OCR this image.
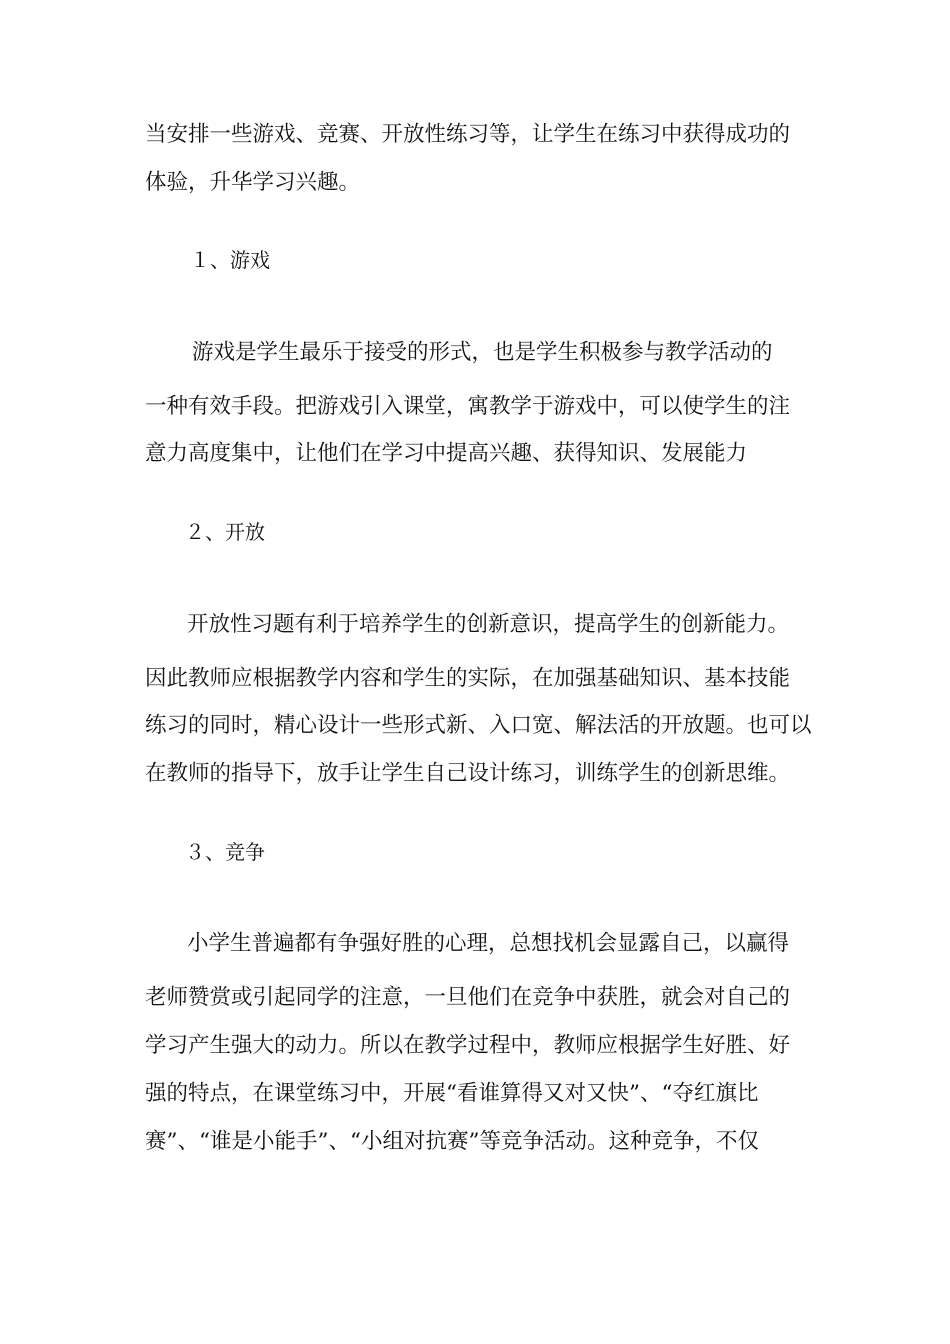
当安排一些游戏、竞赛、开放性练习等，让学生在练习中获得成功的

体验，升华学习兴趣。

１、游戏

游戏是学生最乐于接受的形式，也是学生积极参与教学活动的

一种有效手段。把游戏引入课堂，寓教学于游戏中，可以使学生的注

意力高度集中，让他们在学习中提高兴趣、获得知识、发展能力

２、开放

开放性习题有利于培养学生的创新意识，提高学生的创新能力。

因此教师应根据教学内容和学生的实际，在加强基础知识、基本技能

练习的同时，精心设计一些形式新、入口宽、解法活的开放题。也可以

在教师的指导下，放手让学生自己设计练习，训练学生的创新思维。

３、竞争

小学生普遍都有争强好胜的心理，总想找机会显露自己，以赢得

老师赞赏或引起同学的注意，一旦他们在竞争中获胜，就会对自己的

学习产生强大的动力。所以在教学过程中，教师应根据学生好胜、好

强的特点，在课堂练习中，开展“看谁算得又对又快”、“夺红旗比

赛”、“谁是小能手”、“小组对抗赛”等竞争活动。这种竞争，不仅
